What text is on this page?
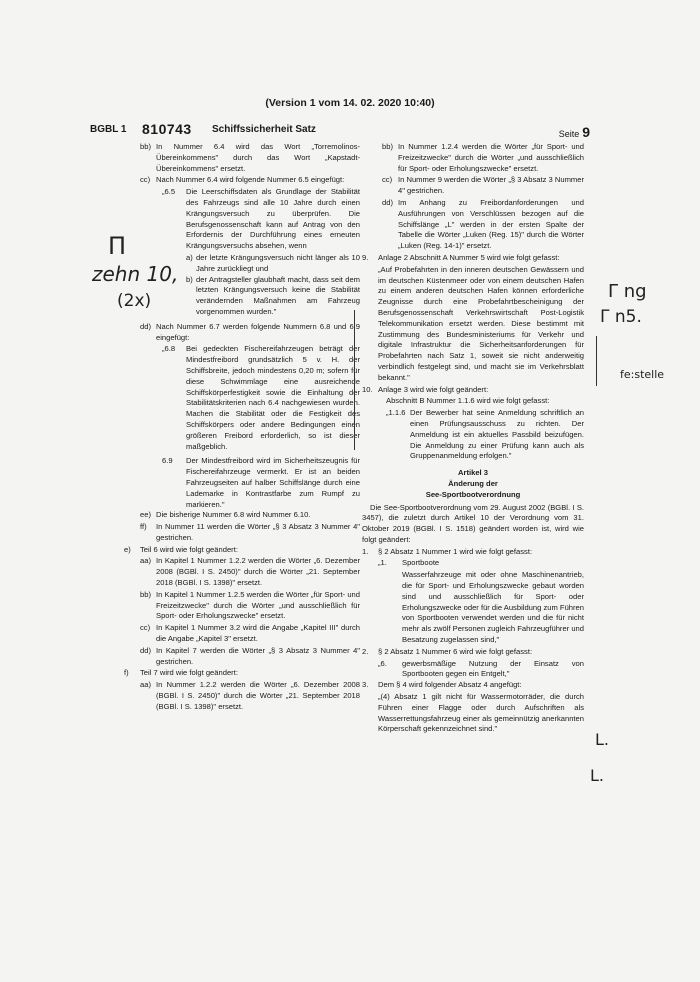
(Version 1 vom 14. 02. 2020 10:40)
BGBL 1 810743 Schiffssicherheit Satz	Seite 9
bb) In Nummer 6.4 wird das Wort „Torremolinos-Übereinkommens" durch das Wort „Kapstadt-Übereinkommens" ersetzt.
cc) Nach Nummer 6.4 wird folgende Nummer 6.5 eingefügt:
„6.5	Die Leerschiffsdaten als Grundlage der Stabilität des Fahrzeugs sind alle 10 Jahre durch einen Krängungsversuch zu überprüfen. Die Berufsgenossenschaft kann auf Antrag von den Erfordernis der Durchführung eines erneuten Krängungsversuchs absehen, wenn

a) der letzte Krängungsversuch nicht länger als 10 Jahre zurückliegt und
b) der Antragsteller glaubhaft macht, dass seit dem letzten Krängungsversuch keine die Stabilität verändernden Maßnahmen am Fahrzeug vorgenommen wurden."
dd) Nach Nummer 6.7 werden folgende Nummern 6.8 und 6.9 eingefügt:
„6.8	Bei gedeckten Fischereifahrzeugen beträgt der Mindestfreibord grundsätzlich 5 v. H. der Schiffsbreite, jedoch mindestens 0,20 m; sofern für diese Schwimmlage eine ausreichende Schiffskörperfestigkeit sowie die Einhaltung der Stabilitätskriterien nach 6.4 nachgewiesen wurden. Machen die Stabilität oder die Festigkeit des Schiffskörpers oder andere Bedingungen einen größeren Freibord erforderlich, so ist dieser maßgeblich.
6.9	Der Mindestfreibord wird im Sicherheitszeugnis für Fischereifahrzeuge vermerkt. Er ist an beiden Fahrzeugseiten auf halber Schiffslänge durch eine Lademarke in Kontrastfarbe zum Rumpf zu markieren."
ee) Die bisherige Nummer 6.8 wird Nummer 6.10.
ff)	In Nummer 11 werden die Wörter „§ 3 Absatz 3 Nummer 4" gestrichen.
e)	Teil 6 wird wie folgt geändert:
aa) In Kapitel 1 Nummer 1.2.2 werden die Wörter „6. Dezember 2008 (BGBl. I S. 2450)" durch die Wörter „21. September 2018 (BGBl. I S. 1398)" ersetzt.
bb) In Kapitel 1 Nummer 1.2.5 werden die Wörter „für Sport- und Freizeitzwecke" durch die Wörter „und ausschließlich für Sport- oder Erholungszwecke" ersetzt.
cc) In Kapitel 1 Nummer 3.2 wird die Angabe „Kapitel III" durch die Angabe „Kapitel 3" ersetzt.
dd) In Kapitel 7 werden die Wörter „§ 3 Absatz 3 Nummer 4" gestrichen.
f)	Teil 7 wird wie folgt geändert:
aa) In Nummer 1.2.2 werden die Wörter „6. Dezember 2008 (BGBl. I S. 2450)" durch die Wörter „21. September 2018 (BGBl. I S. 1398)" ersetzt.
bb) In Nummer 1.2.4 werden die Wörter „für Sport- und Freizeitzwecke" durch die Wörter „und ausschließlich für Sport- oder Erholungszwecke" ersetzt.
cc) In Nummer 9 werden die Wörter „§ 3 Absatz 3 Nummer 4" gestrichen.
dd) Im Anhang zu Freibordanforderungen und Ausführungen von Verschlüssen bezogen auf die Schiffslänge „L" werden in der ersten Spalte der Tabelle die Wörter „Luken (Reg. 15)" durch die Wörter „Luken (Reg. 14-1)" ersetzt.
9.	Anlage 2 Abschnitt A Nummer 5 wird wie folgt gefasst:

„Auf Probefahrten in den inneren deutschen Gewässern und im deutschen Küstenmeer oder von einem deutschen Hafen zu einem anderen deutschen Hafen können erforderliche Zeugnisse durch eine Probefahrtbescheinigung der Berufsgenossenschaft Verkehrswirtschaft Post-Logistik Telekommunikation ersetzt werden. Diese bestimmt mit Zustimmung des Bundesministeriums für Verkehr und digitale Infrastruktur die Sicherheitsanforderungen für Probefahrten nach Satz 1, soweit sie nicht anderweitig verbindlich festgelegt sind, und macht sie im Verkehrsblatt bekannt."

10. Anlage 3 wird wie folgt geändert:

Abschnitt B Nummer 1.1.6 wird wie folgt gefasst:

„1.1.6 Der Bewerber hat seine Anmeldung schriftlich an einen Prüfungsausschuss zu richten. Der Anmeldung ist ein aktuelles Passbild beizufügen. Die Anmeldung zu einer Prüfung kann auch als Gruppenanmeldung erfolgen."
Artikel 3
Änderung der
See-Sportbootverordnung

Die See-Sportbootverordnung vom 29. August 2002 (BGBl. I S. 3457), die zuletzt durch Artikel 10 der Verordnung vom 31. Oktober 2019 (BGBl. I S. 1518) geändert worden ist, wird wie folgt geändert:

1.	§ 2 Absatz 1 Nummer 1 wird wie folgt gefasst:
„1.	Sportboote

Wasserfahrzeuge mit oder ohne Maschinenantrieb, die für Sport- und Erholungszwecke gebaut worden sind und ausschließlich für Sport- oder Erholungszwecke oder für die Ausbildung zum Führen von Sportbooten verwendet werden und die für nicht mehr als zwölf Personen zugleich Fahrzeugführer und Besatzung zugelassen sind,"

2.	§ 2 Absatz 1 Nummer 6 wird wie folgt gefasst:
„6.	gewerbsmäßige Nutzung der Einsatz von Sportbooten gegen ein Entgelt,"
3.	Dem § 4 wird folgender Absatz 4 angefügt:

„(4) Absatz 1 gilt nicht für Wassermotorräder, die durch Führen einer Flagge oder durch Aufschriften als Wasserrettungsfahrzeug einer als gemeinnützig anerkannten Körperschaft gekennzeichnet sind."

П
zehn 10,
(2x)	Γ ng
Γ n5.
fe:stelle
L.
L.
